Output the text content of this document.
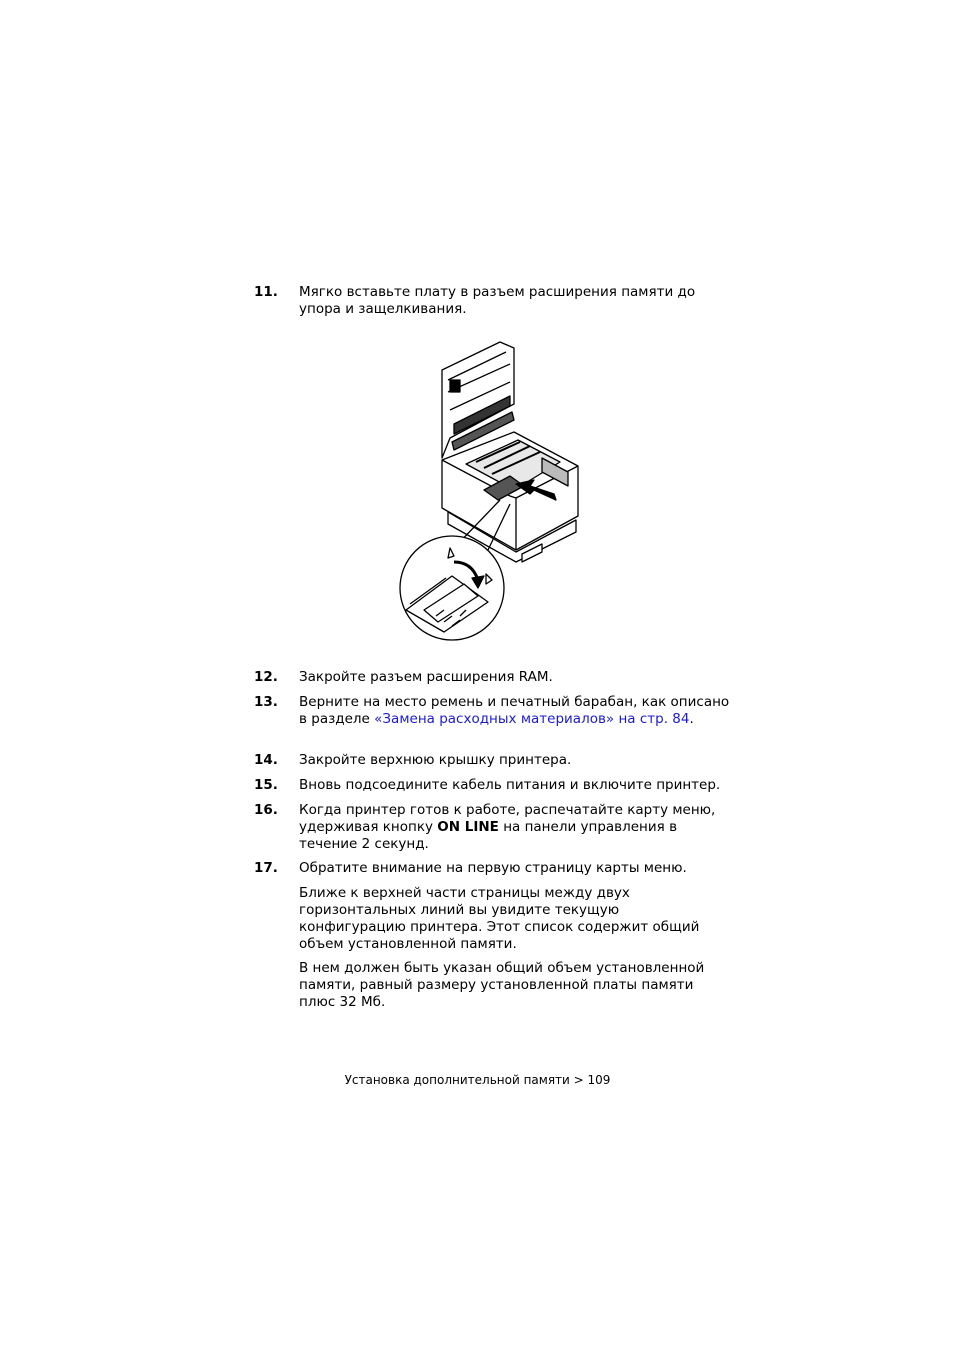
11. Мягко вставьте плату в разъем расширения памяти до упора и защелкивания.
12. Закройте разъем расширения RAM.
13. Верните на место ремень и печатный барабан, как описано в разделе «Замена расходных материалов» на стр. 84.
14. Закройте верхнюю крышку принтера.
15. Вновь подсоедините кабель питания и включите принтер.
16. Когда принтер готов к работе, распечатайте карту меню, удерживая кнопку ON LINE на панели управления в течение 2 секунд.
17. Обратите внимание на первую страницу карты меню.
Ближе к верхней части страницы между двух горизонтальных линий вы увидите текущую конфигурацию принтера. Этот список содержит общий объем установленной памяти.
В нем должен быть указан общий объем установленной памяти, равный размеру установленной платы памяти плюс 32 Мб.
Установка дополнительной памяти > 109
